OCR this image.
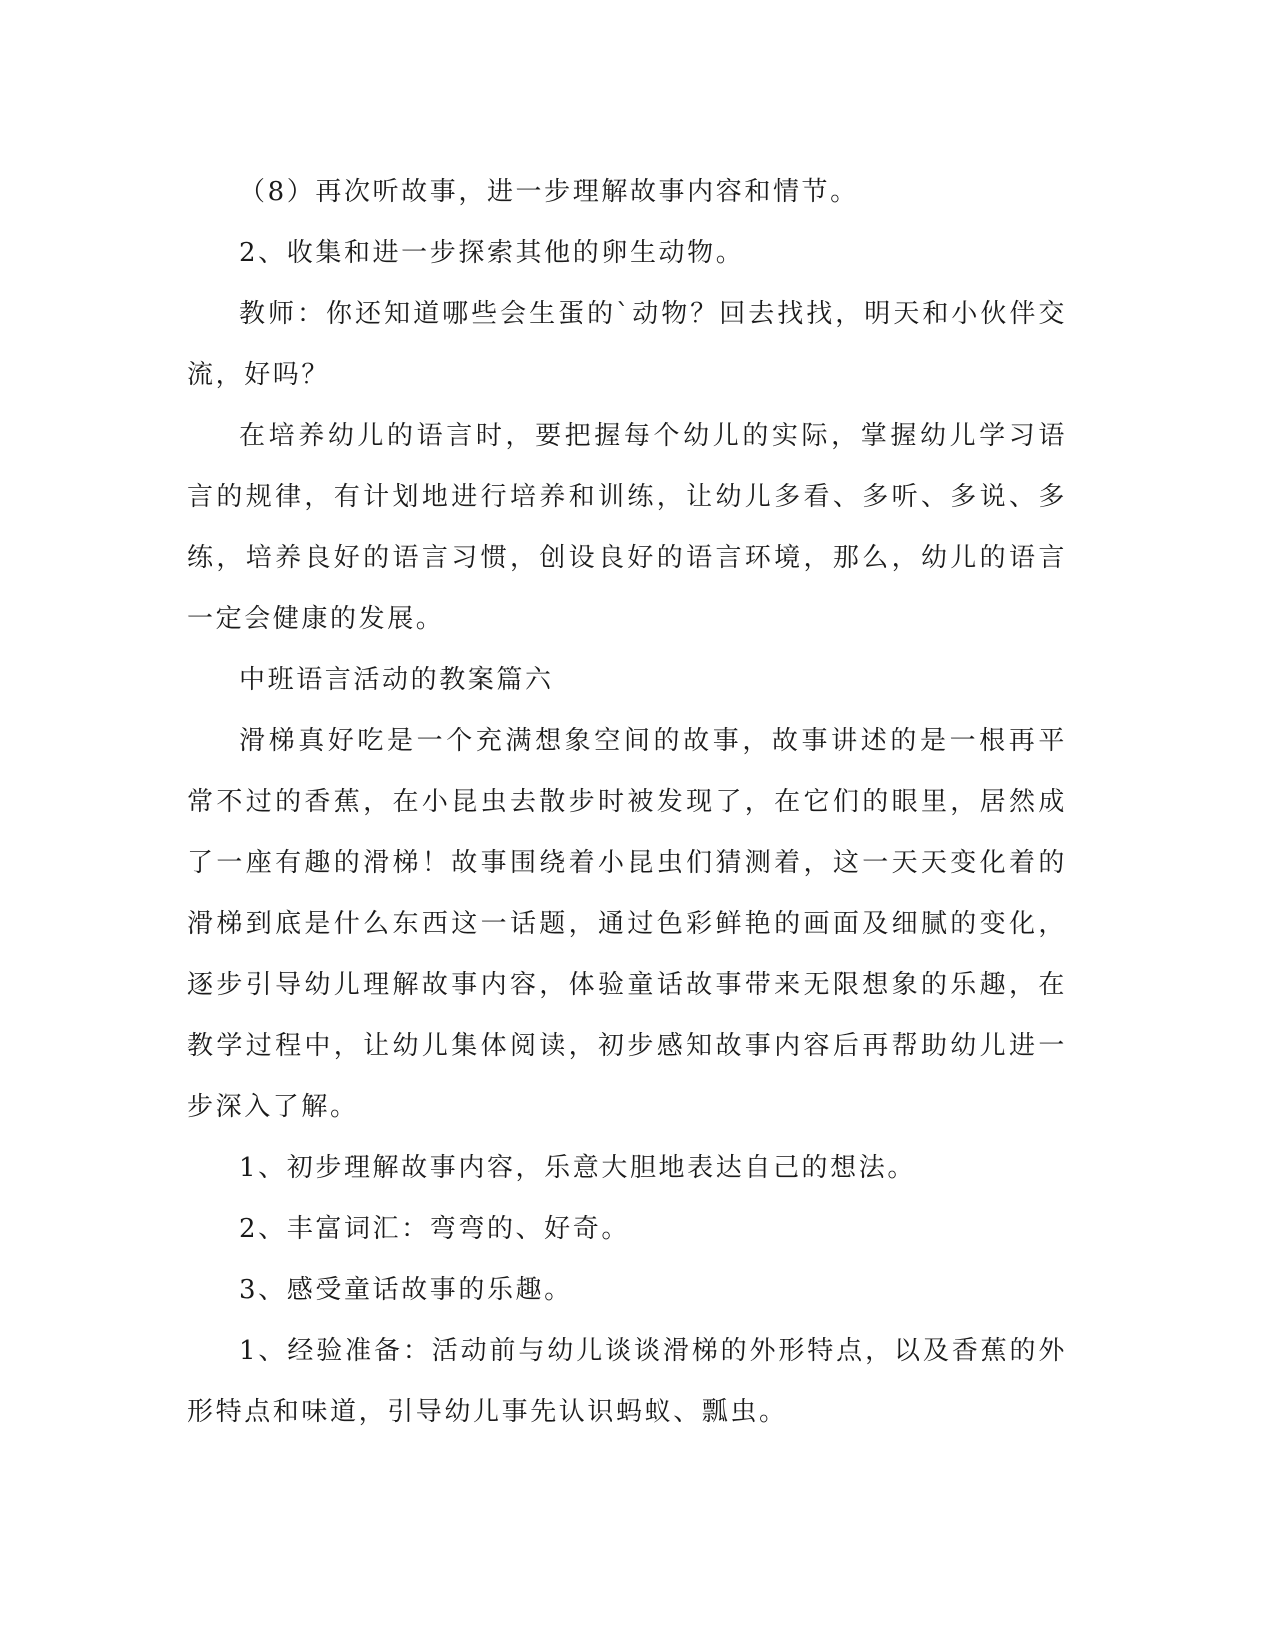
（8）再次听故事，进一步理解故事内容和情节。

2、收集和进一步探索其他的卵生动物。

教师：你还知道哪些会生蛋的`动物？回去找找，明天和小伙伴交流，好吗？

在培养幼儿的语言时，要把握每个幼儿的实际，掌握幼儿学习语言的规律，有计划地进行培养和训练，让幼儿多看、多听、多说、多练，培养良好的语言习惯，创设良好的语言环境，那么，幼儿的语言一定会健康的发展。

中班语言活动的教案篇六

滑梯真好吃是一个充满想象空间的故事，故事讲述的是一根再平常不过的香蕉，在小昆虫去散步时被发现了，在它们的眼里，居然成了一座有趣的滑梯！故事围绕着小昆虫们猜测着，这一天天变化着的滑梯到底是什么东西这一话题，通过色彩鲜艳的画面及细腻的变化，逐步引导幼儿理解故事内容，体验童话故事带来无限想象的乐趣，在教学过程中，让幼儿集体阅读，初步感知故事内容后再帮助幼儿进一步深入了解。

1、初步理解故事内容，乐意大胆地表达自己的想法。

2、丰富词汇：弯弯的、好奇。

3、感受童话故事的乐趣。

1、经验准备：活动前与幼儿谈谈滑梯的外形特点，以及香蕉的外形特点和味道，引导幼儿事先认识蚂蚁、瓢虫。
